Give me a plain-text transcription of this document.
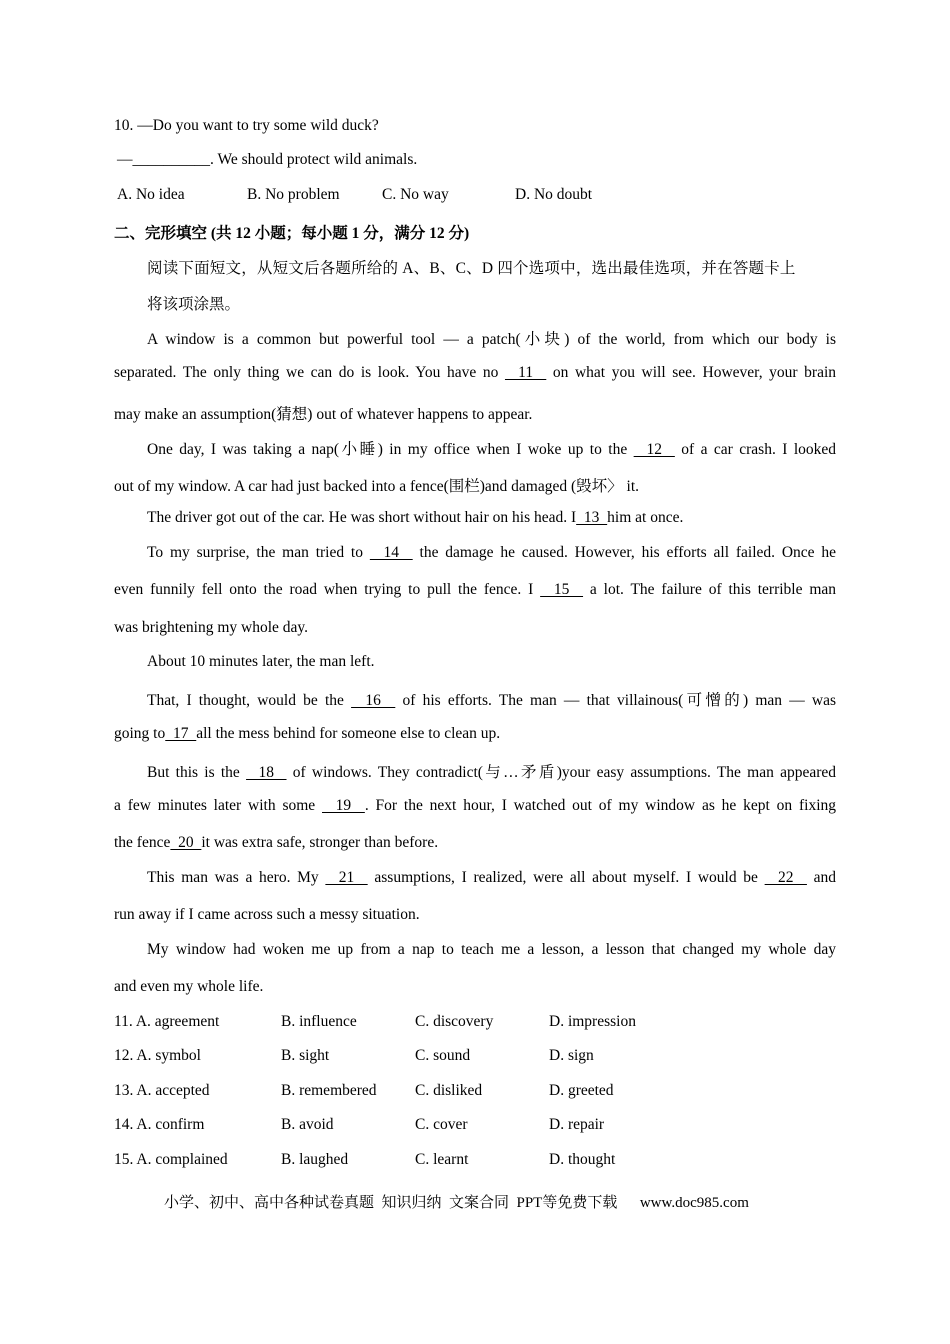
10. —Do you want to try some wild duck?
—__________. We should protect wild animals.
A. No idea	B. No problem	C. No way	D. No doubt
二、完形填空 (共 12 小题；每小题 1 分，满分 12 分)
阅读下面短文，从短文后各题所给的 A、B、C、D 四个选项中，选出最佳选项，并在答题卡上
将该项涂黑。
A window is a common but powerful tool — a patch(小块) of the world, from which our body is
separated. The only thing we can do is look. You have no   11   on what you will see. However, your brain
may make an assumption(猜想) out of whatever happens to appear.
One day, I was taking a nap(小睡) in my office when I woke up to the   12   of a car crash. I looked
out of my window. A car had just backed into a fence(围栏)and damaged (毁坏〉 it.
The driver got out of the car. He was short without hair on his head. I  13  him at once.
To my surprise, the man tried to   14   the damage he caused. However, his efforts all failed. Once he
even funnily fell onto the road when trying to pull the fence. I   15   a lot. The failure of this terrible man
was brightening my whole day.
About 10 minutes later, the man left.
That, I thought, would be the   16   of his efforts. The man — that villainous(可憎的) man — was
going to  17  all the mess behind for someone else to clean up.
But this is the   18   of windows. They contradict(与…矛盾)your easy assumptions. The man appeared
a few minutes later with some   19  . For the next hour, I watched out of my window as he kept on fixing
the fence  20  it was extra safe, stronger than before.
This man was a hero. My   21   assumptions, I realized, were all about myself. I would be   22   and
run away if I came across such a messy situation.
My window had woken me up from a nap to teach me a lesson, a lesson that changed my whole day
and even my whole life.
11. A. agreement	B. influence	C. discovery	D. impression
12. A. symbol	B. sight	C. sound	D. sign
13. A. accepted	B. remembered C. disliked	D. greeted
14. A. confirm	B. avoid	C. cover	D. repair
15. A. complained	B. laughed	C. learnt	D. thought
小学、初中、高中各种试卷真题  知识归纳  文案合同  PPT等免费下载      www.doc985.com
